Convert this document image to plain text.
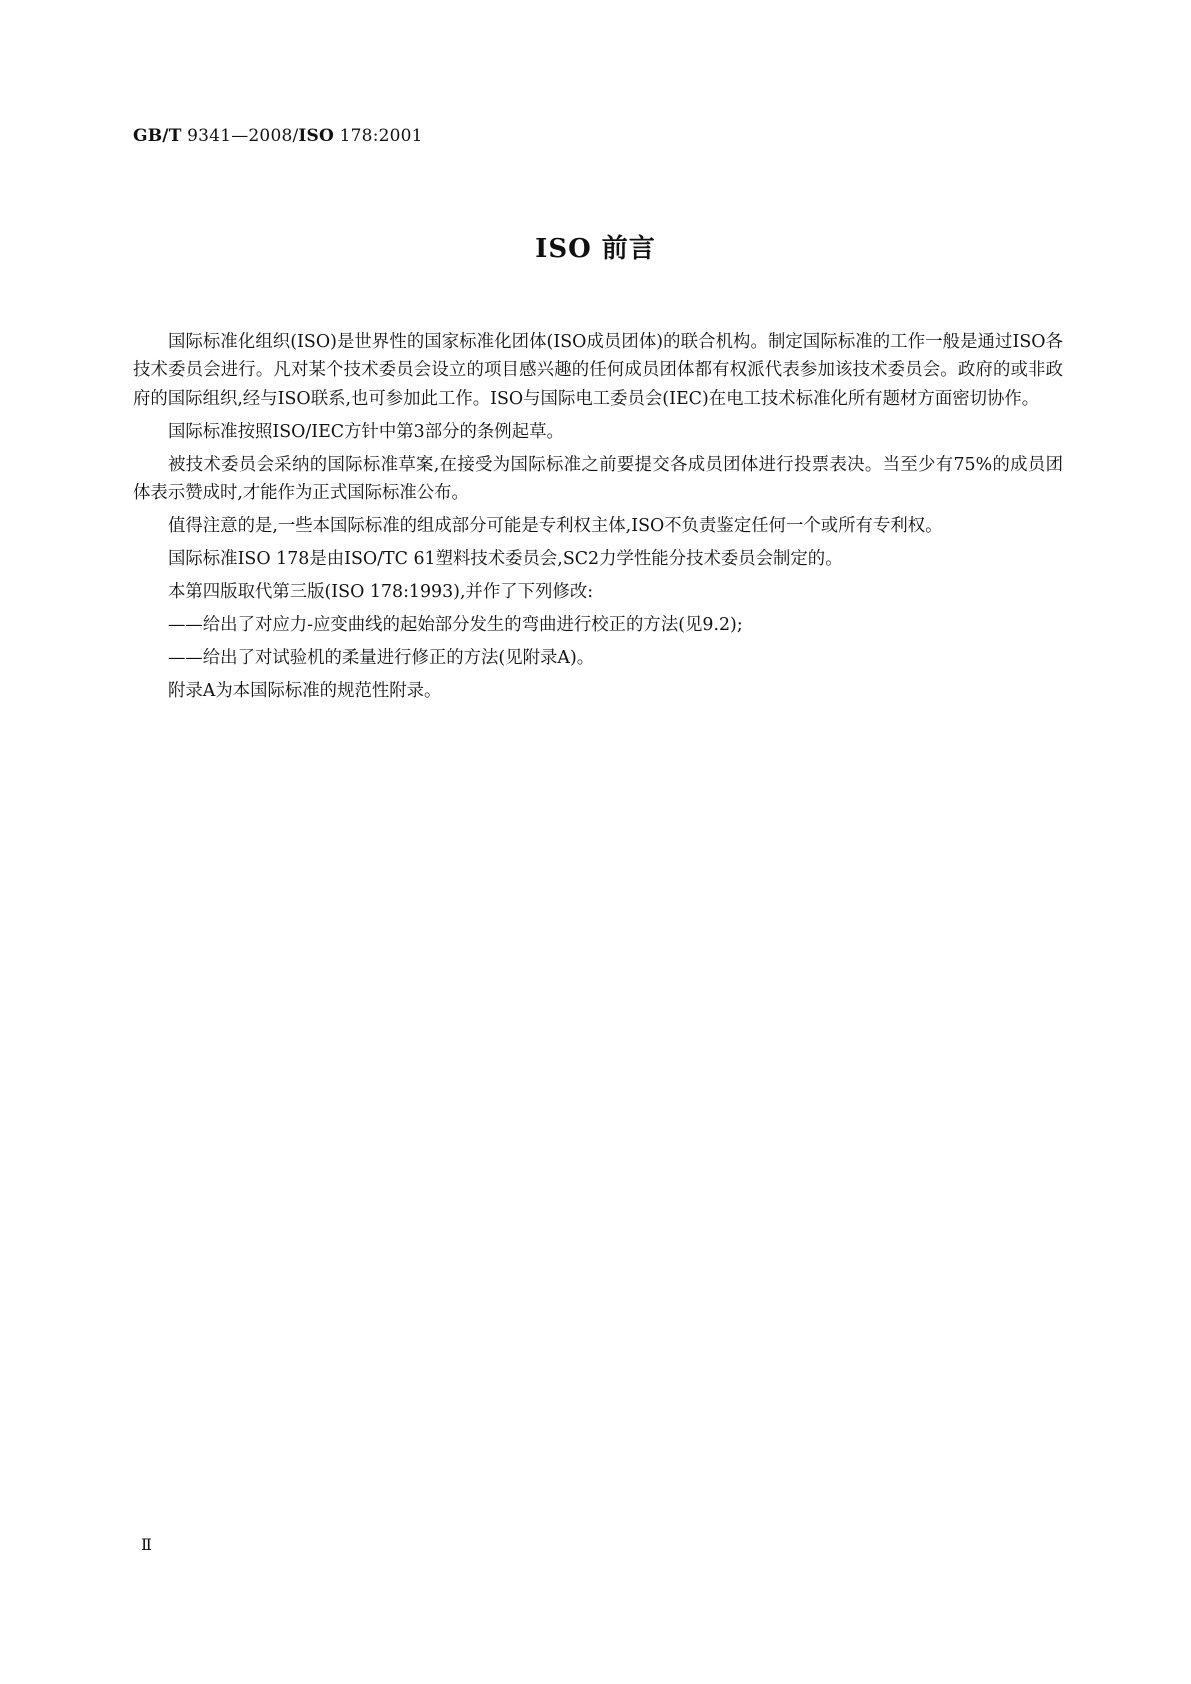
GB/T 9341—2008/ISO 178:2001
ISO 前言

国际标准化组织(ISO)是世界性的国家标准化团体(ISO成员团体)的联合机构。制定国际标准的工作一般是通过ISO各技术委员会进行。凡对某个技术委员会设立的项目感兴趣的任何成员团体都有权派代表参加该技术委员会。政府的或非政府的国际组织,经与ISO联系,也可参加此工作。ISO与国际电工委员会(IEC)在电工技术标准化所有题材方面密切协作。

国际标准按照ISO/IEC方针中第3部分的条例起草。

被技术委员会采纳的国际标准草案,在接受为国际标准之前要提交各成员团体进行投票表决。当至少有75%的成员团体表示赞成时,才能作为正式国际标准公布。

值得注意的是,一些本国际标准的组成部分可能是专利权主体,ISO不负责鉴定任何一个或所有专利权。

国际标准ISO 178是由ISO/TC 61塑料技术委员会,SC2力学性能分技术委员会制定的。

本第四版取代第三版(ISO 178:1993),并作了下列修改:

——给出了对应力-应变曲线的起始部分发生的弯曲进行校正的方法(见9.2);

——给出了对试验机的柔量进行修正的方法(见附录A)。

附录A为本国际标准的规范性附录。

Ⅱ
